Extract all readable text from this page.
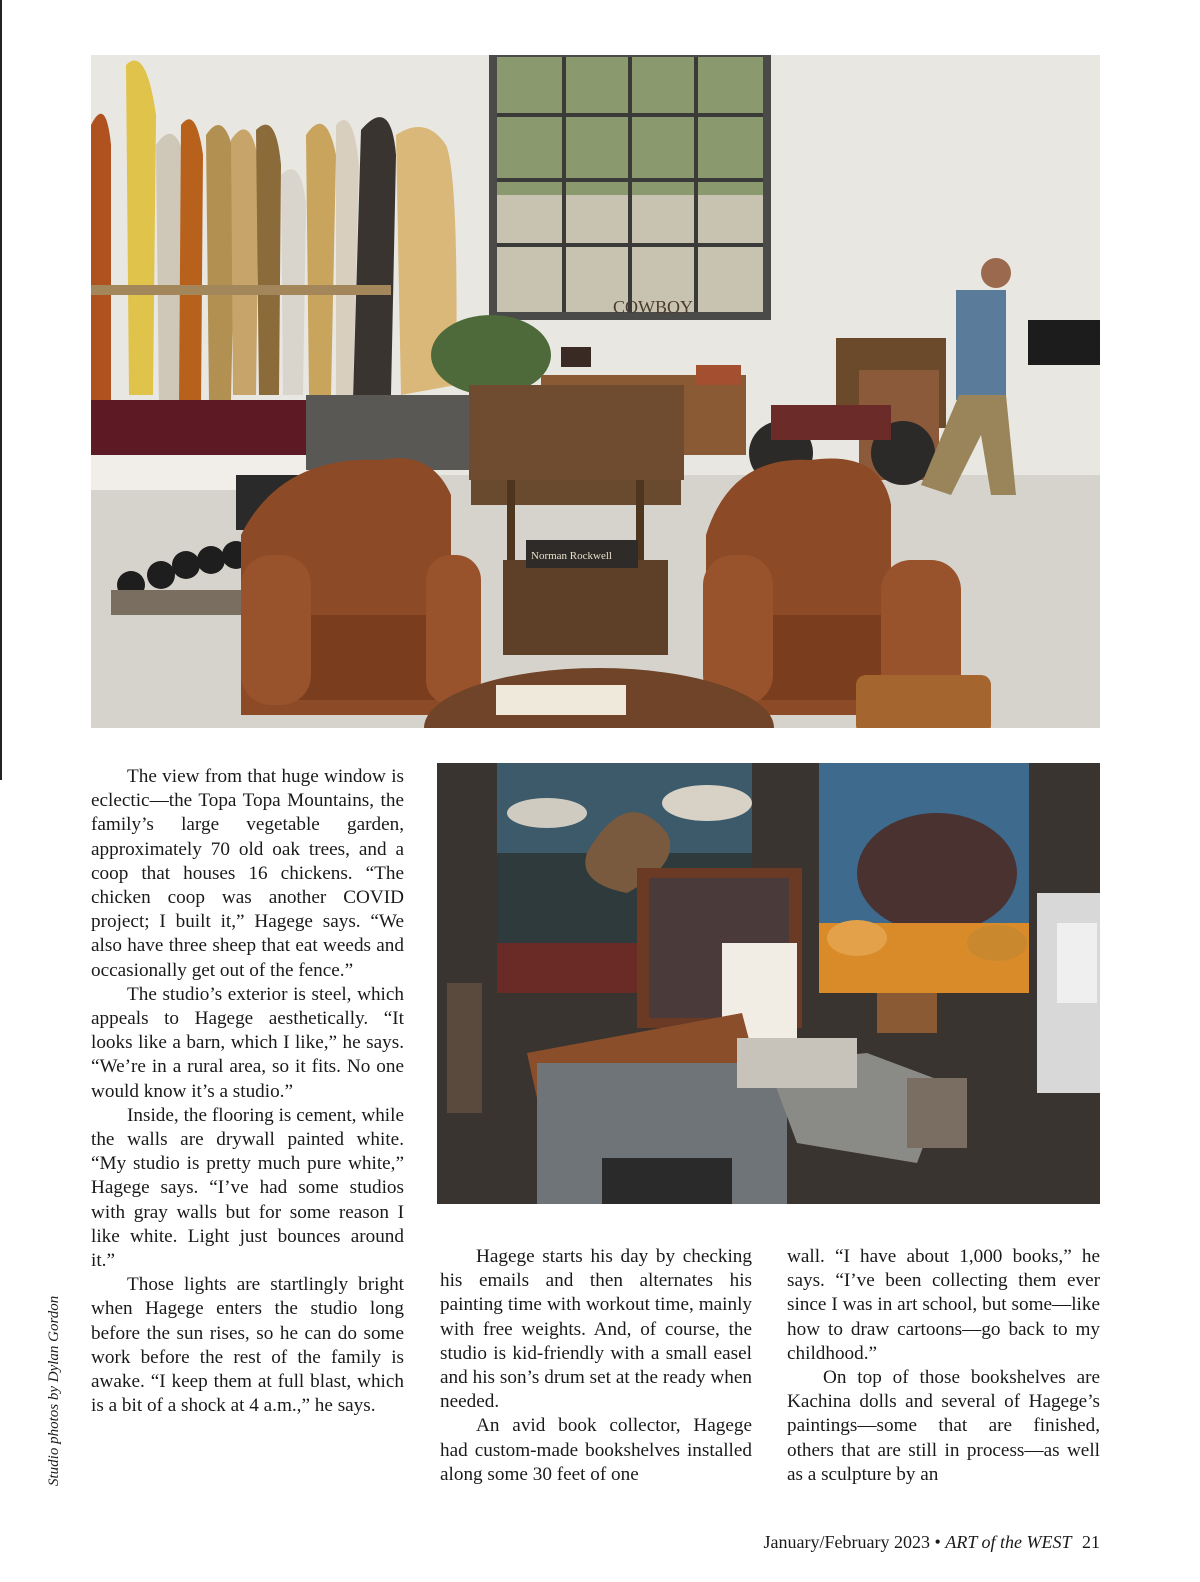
COWBOY
Norman Rockwell

The view from that huge window is eclectic—the Topa Topa Mountains, the family’s large vegetable garden, approximately 70 old oak trees, and a coop that houses 16 chickens. “The chicken coop was another COVID project; I built it,” Hagege says. “We also have three sheep that eat weeds and occasionally get out of the fence.”

The studio’s exterior is steel, which appeals to Hagege aesthetically. “It looks like a barn, which I like,” he says. “We’re in a rural area, so it fits. No one would know it’s a studio.”

Inside, the flooring is cement, while the walls are drywall painted white. “My studio is pretty much pure white,” Hagege says. “I’ve had some studios with gray walls but for some reason I like white. Light just bounces around it.”

Those lights are startlingly bright when Hagege enters the studio long before the sun rises, so he can do some work before the rest of the family is awake. “I keep them at full blast, which is a bit of a shock at 4 a.m.,” he says.

Hagege starts his day by checking his emails and then alternates his painting time with workout time, mainly with free weights. And, of course, the studio is kid-friendly with a small easel and his son’s drum set at the ready when needed.

An avid book collector, Hagege had custom-made bookshelves installed along some 30 feet of one

wall. “I have about 1,000 books,” he says. “I’ve been collecting them ever since I was in art school, but some—like how to draw cartoons—go back to my childhood.”

On top of those bookshelves are Kachina dolls and several of Hagege’s paintings—some that are finished, others that are still in process—as well as a sculpture by an

Studio photos by Dylan Gordon
January/February 2023 • ART of the WEST 21
